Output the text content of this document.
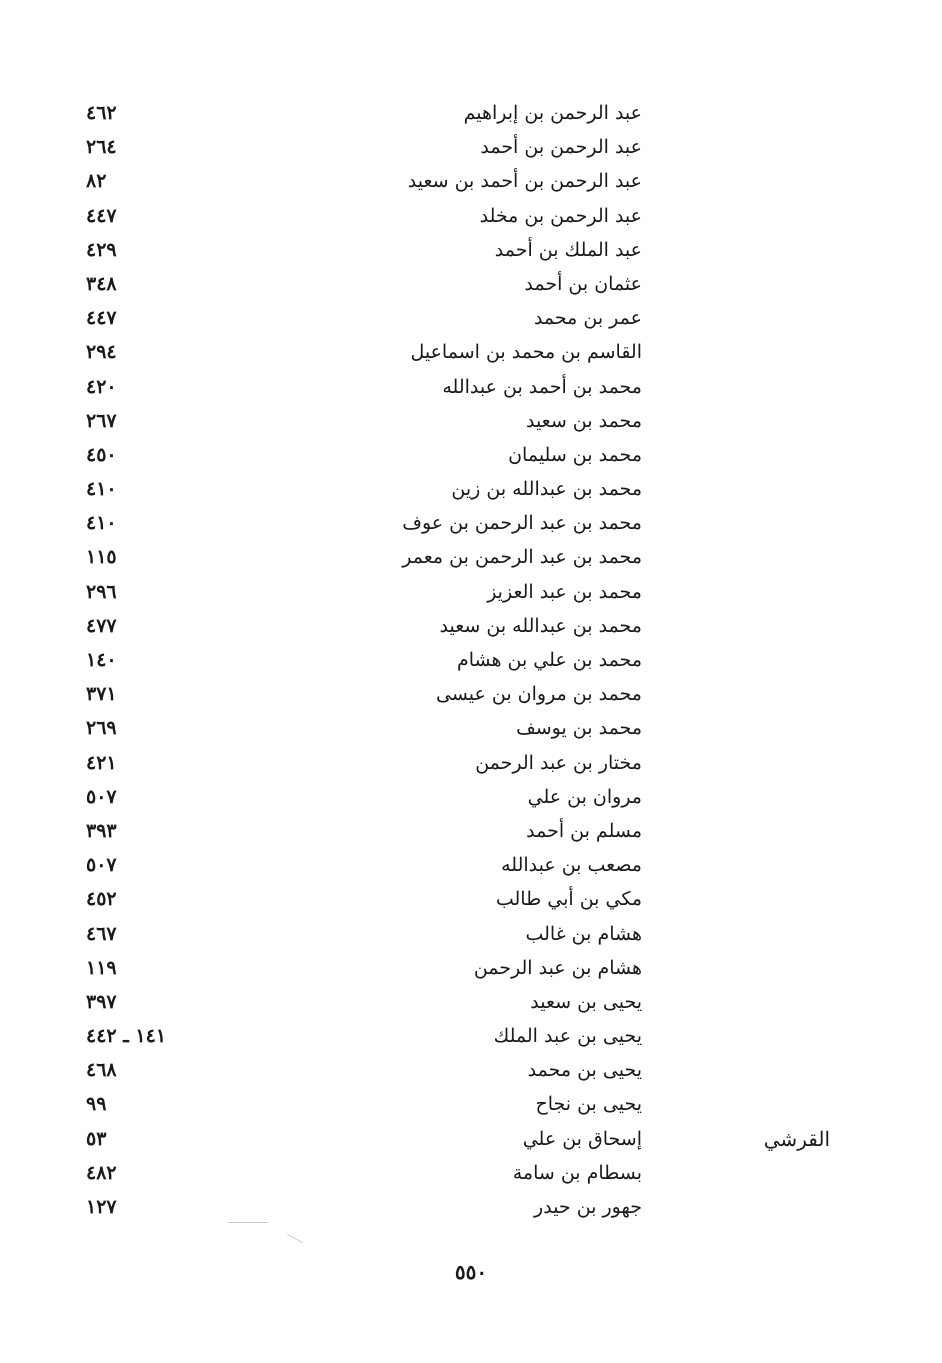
عبد الرحمن بن إبراهيم
٤٦٢
عبد الرحمن بن أحمد
٢٦٤
عبد الرحمن بن أحمد بن سعيد
٨٢
عبد الرحمن بن مخلد
٤٤٧
عبد الملك بن أحمد
٤٢٩
عثمان بن أحمد
٣٤٨
عمر بن محمد
٤٤٧
القاسم بن محمد بن اسماعيل
٢٩٤
محمد بن أحمد بن عبدالله
٤٢٠
محمد بن سعيد
٢٦٧
محمد بن سليمان
٤٥٠
محمد بن عبدالله بن زين
٤١٠
محمد بن عبد الرحمن بن عوف
٤١٠
محمد بن عبد الرحمن بن معمر
١١٥
محمد بن عبد العزيز
٢٩٦
محمد بن عبدالله بن سعيد
٤٧٧
محمد بن علي بن هشام
١٤٠
محمد بن مروان بن عيسى
٣٧١
محمد بن يوسف
٢٦٩
مختار بن عبد الرحمن
٤٢١
مروان بن علي
٥٠٧
مسلم بن أحمد
٣٩٣
مصعب بن عبدالله
٥٠٧
مكي بن أبي طالب
٤٥٢
هشام بن غالب
٤٦٧
هشام بن عبد الرحمن
١١٩
يحيى بن سعيد
٣٩٧
يحيى بن عبد الملك
١٤١ ـ ٤٤٢
يحيى بن محمد
٤٦٨
يحيى بن نجاح
٩٩
إسحاق بن علي
٥٣	القرشي
بسطام بن سامة
٤٨٢
جهور بن حيدر
١٢٧
٥٥٠
